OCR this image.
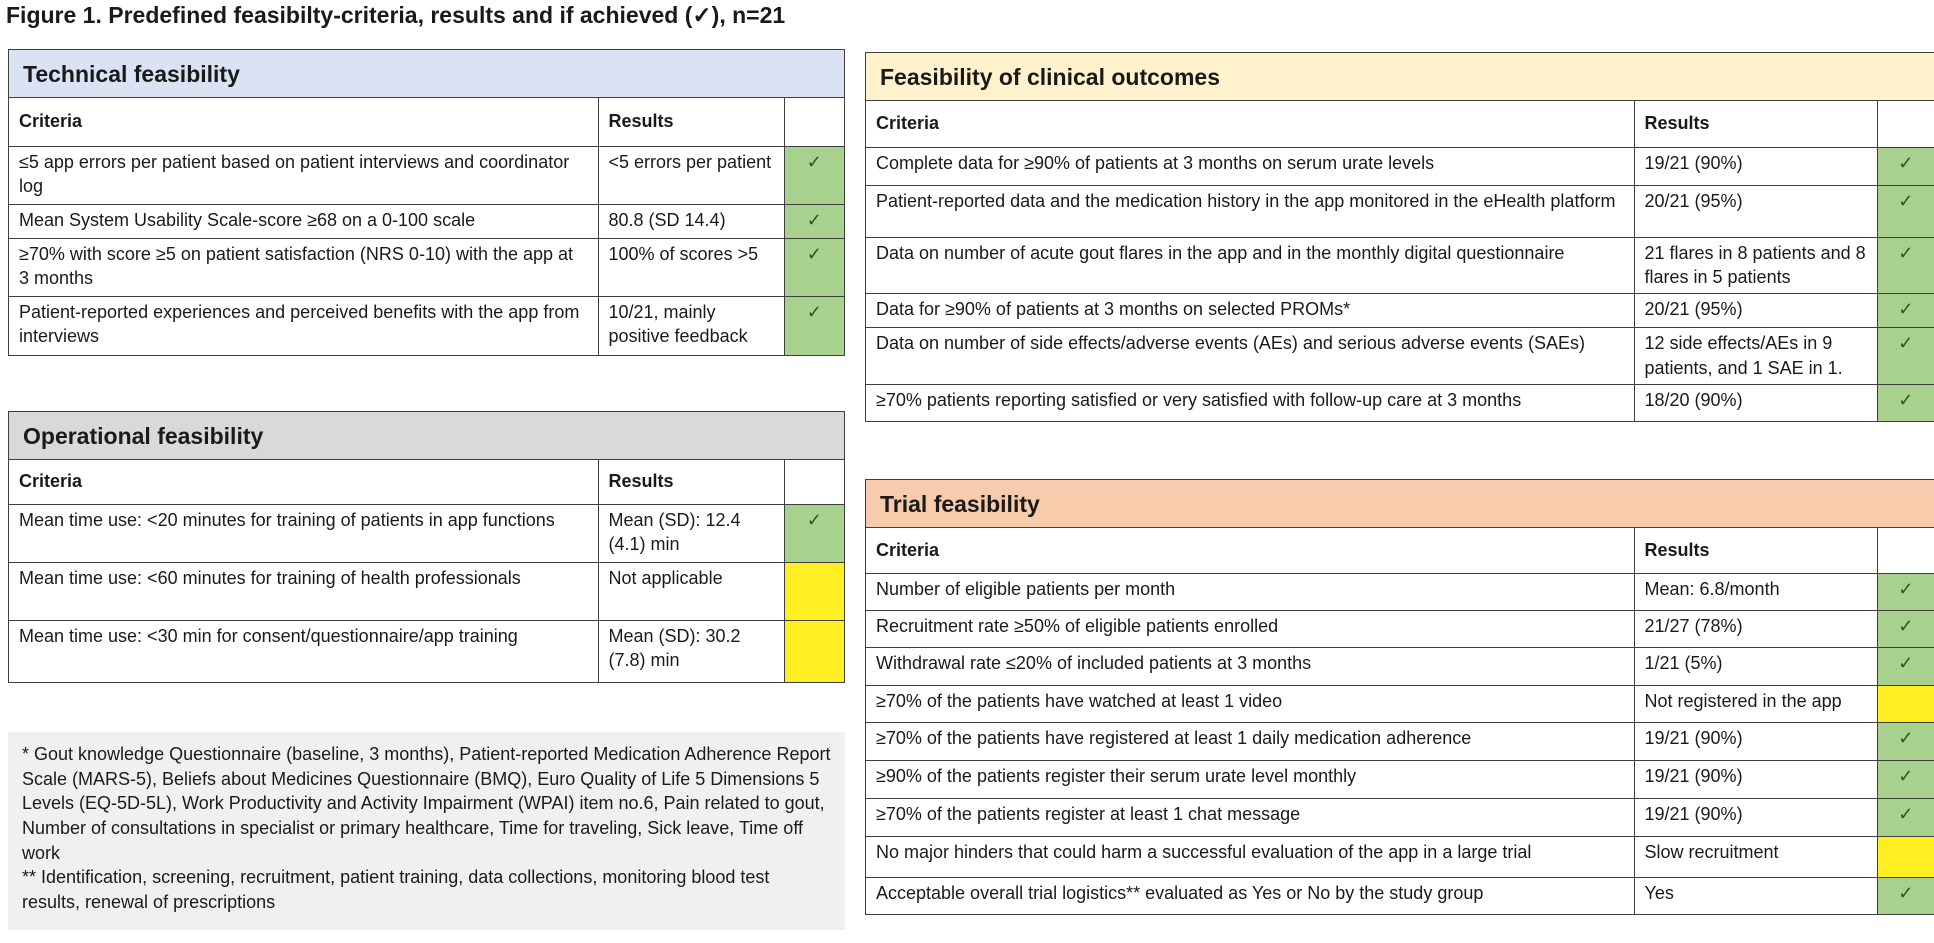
Figure 1. Predefined feasibilty-criteria, results and if achieved (✓), n=21
Technical feasibility
Criteria	Results	
≤5 app errors per patient based on patient interviews and coordinator log	<5 errors per patient	✓
Mean System Usability Scale-score ≥68 on a 0-100 scale	80.8 (SD 14.4)	✓
≥70% with score ≥5 on patient satisfaction (NRS 0-10) with the app at 3 months	100% of scores >5	✓
Patient-reported experiences and perceived benefits with the app from interviews	10/21, mainly positive feedback	✓
Operational feasibility
Criteria	Results	
Mean time use: <20 minutes for training of patients in app functions	Mean (SD): 12.4 (4.1) min	✓
Mean time use: <60 minutes for training of health professionals	Not applicable	
Mean time use: <30 min for consent/questionnaire/app training	Mean (SD): 30.2 (7.8) min	
Feasibility of clinical outcomes
Criteria	Results	
Complete data for ≥90% of patients at 3 months on serum urate levels	19/21 (90%)	✓
Patient-reported data and the medication history in the app monitored in the eHealth platform	20/21 (95%)	✓
Data on number of acute gout flares in the app and in the monthly digital questionnaire	21 flares in 8 patients and 8 flares in 5 patients	✓
Data for ≥90% of patients at 3 months on selected PROMs*	20/21 (95%)	✓
Data on number of side effects/adverse events (AEs) and serious adverse events (SAEs)	12 side effects/AEs in 9 patients, and 1 SAE in 1.	✓
≥70% patients reporting satisfied or very satisfied with follow-up care at 3 months	18/20 (90%)	✓
Trial feasibility
Criteria	Results	
Number of eligible patients per month	Mean: 6.8/month	✓
Recruitment rate ≥50% of eligible patients enrolled	21/27 (78%)	✓
Withdrawal rate ≤20% of included patients at 3 months	1/21 (5%)	✓
≥70% of the patients have watched at least 1 video	Not registered in the app	
≥70% of the patients have registered at least 1 daily medication adherence	19/21 (90%)	✓
≥90% of the patients register their serum urate level monthly	19/21 (90%)	✓
≥70% of the patients register at least 1 chat message	19/21 (90%)	✓
No major hinders that could harm a successful evaluation of the app in a large trial	Slow recruitment	
Acceptable overall trial logistics** evaluated as Yes or No by the study group	Yes	✓

* Gout knowledge Questionnaire (baseline, 3 months), Patient-reported Medication Adherence Report Scale (MARS-5), Beliefs about Medicines Questionnaire (BMQ), Euro Quality of Life 5 Dimensions 5 Levels (EQ-5D-5L), Work Productivity and Activity Impairment (WPAI) item no.6, Pain related to gout, Number of consultations in specialist or primary healthcare, Time for traveling, Sick leave, Time off work

** Identification, screening, recruitment, patient training, data collections, monitoring blood test results, renewal of prescriptions
